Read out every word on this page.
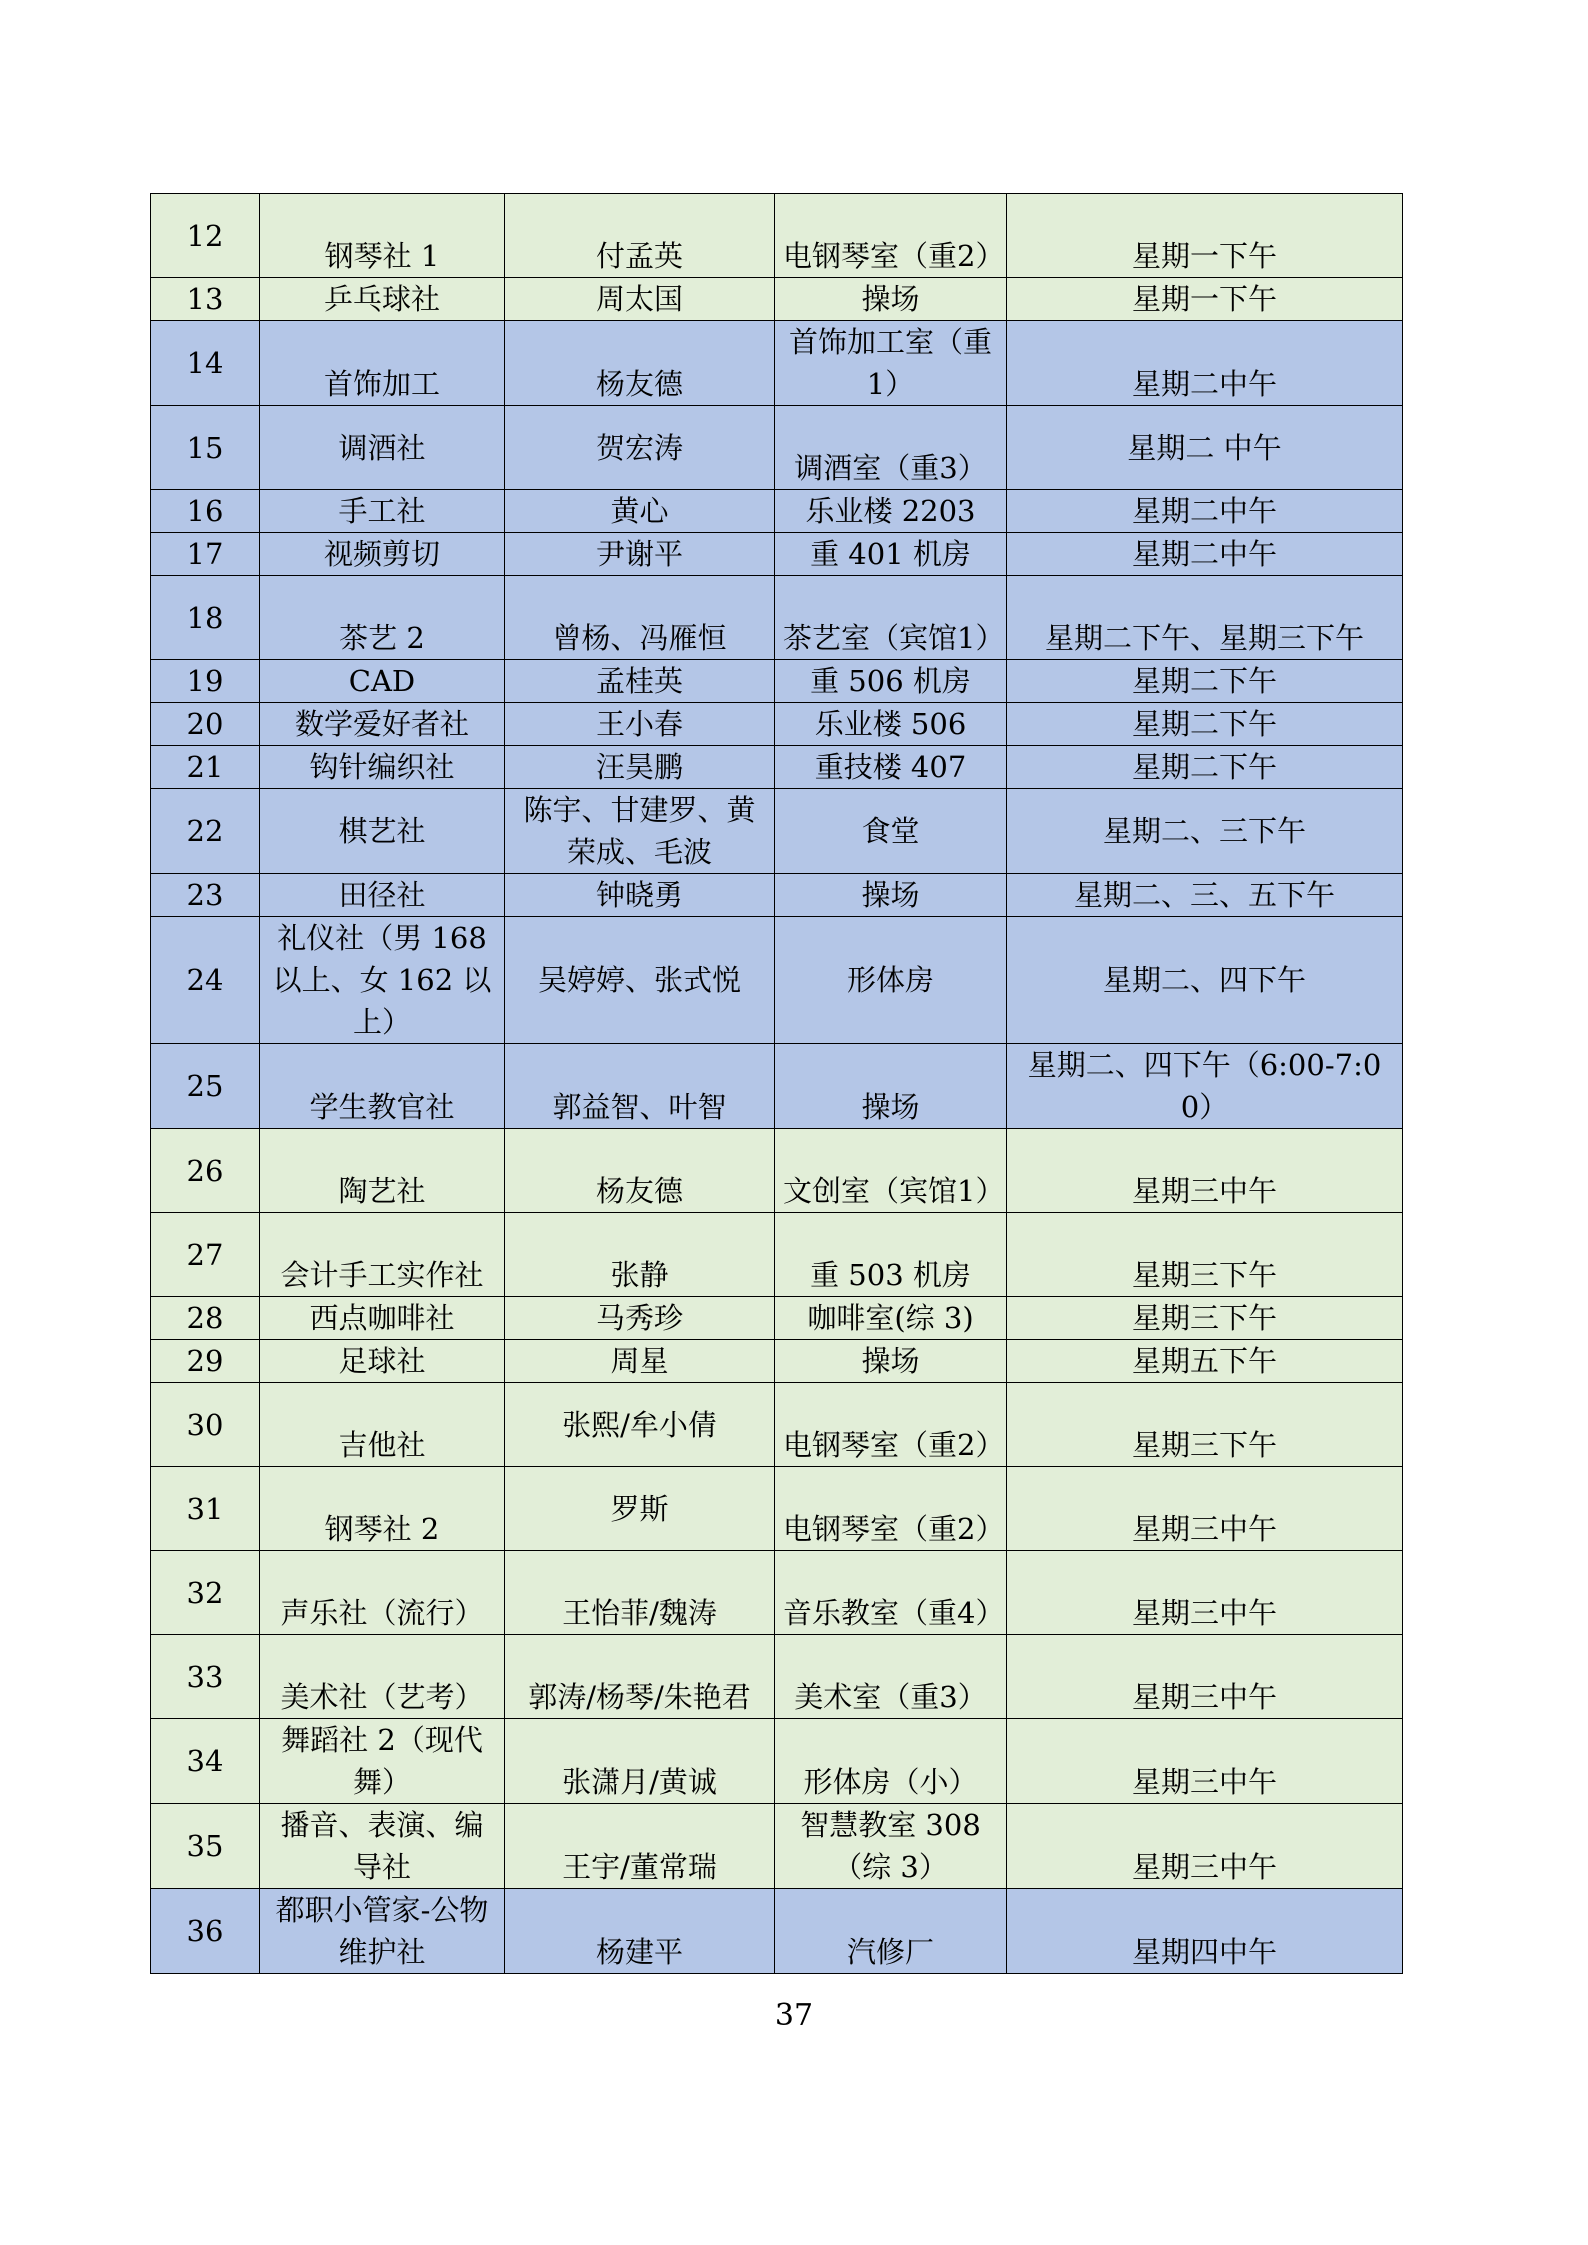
12	钢琴社 1	付孟英	电钢琴室（重2）	星期一下午
13	乒乓球社	周太国	操场	星期一下午
14	首饰加工	杨友德	首饰加工室（重 1）	星期二中午
15	调酒社	贺宏涛	调酒室（重3）	星期二 中午
16	手工社	黄心	乐业楼 2203	星期二中午
17	视频剪切	尹谢平	重 401 机房	星期二中午
18	茶艺 2	曾杨、冯雁恒	茶艺室（宾馆1）	星期二下午、星期三下午
19	CAD	孟桂英	重 506 机房	星期二下午
20	数学爱好者社	王小春	乐业楼 506	星期二下午
21	钩针编织社	汪昊鹏	重技楼 407	星期二下午
22	棋艺社	陈宇、甘建罗、黄荣成、毛波	食堂	星期二、三下午
23	田径社	钟晓勇	操场	星期二、三、五下午
24	礼仪社（男 168 以上、女 162 以上）	吴婷婷、张式悦	形体房	星期二、四下午
25	学生教官社	郭益智、叶智	操场	星期二、四下午（6:00-7:00）
26	陶艺社	杨友德	文创室（宾馆1）	星期三中午
27	会计手工实作社	张静	重 503 机房	星期三下午
28	西点咖啡社	马秀珍	咖啡室(综 3)	星期三下午
29	足球社	周星	操场	星期五下午
30	吉他社	张熙/牟小倩	电钢琴室（重2）	星期三下午
31	钢琴社 2	罗斯	电钢琴室（重2）	星期三中午
32	声乐社（流行）	王怡菲/魏涛	音乐教室（重4）	星期三中午
33	美术社（艺考）	郭涛/杨琴/朱艳君	美术室（重3）	星期三中午
34	舞蹈社 2（现代舞）	张潇月/黄诚	形体房（小）	星期三中午
35	播音、表演、编导社	王宇/董常瑞	智慧教室 308（综 3）	星期三中午
36	都职小管家-公物维护社	杨建平	汽修厂	星期四中午
37
